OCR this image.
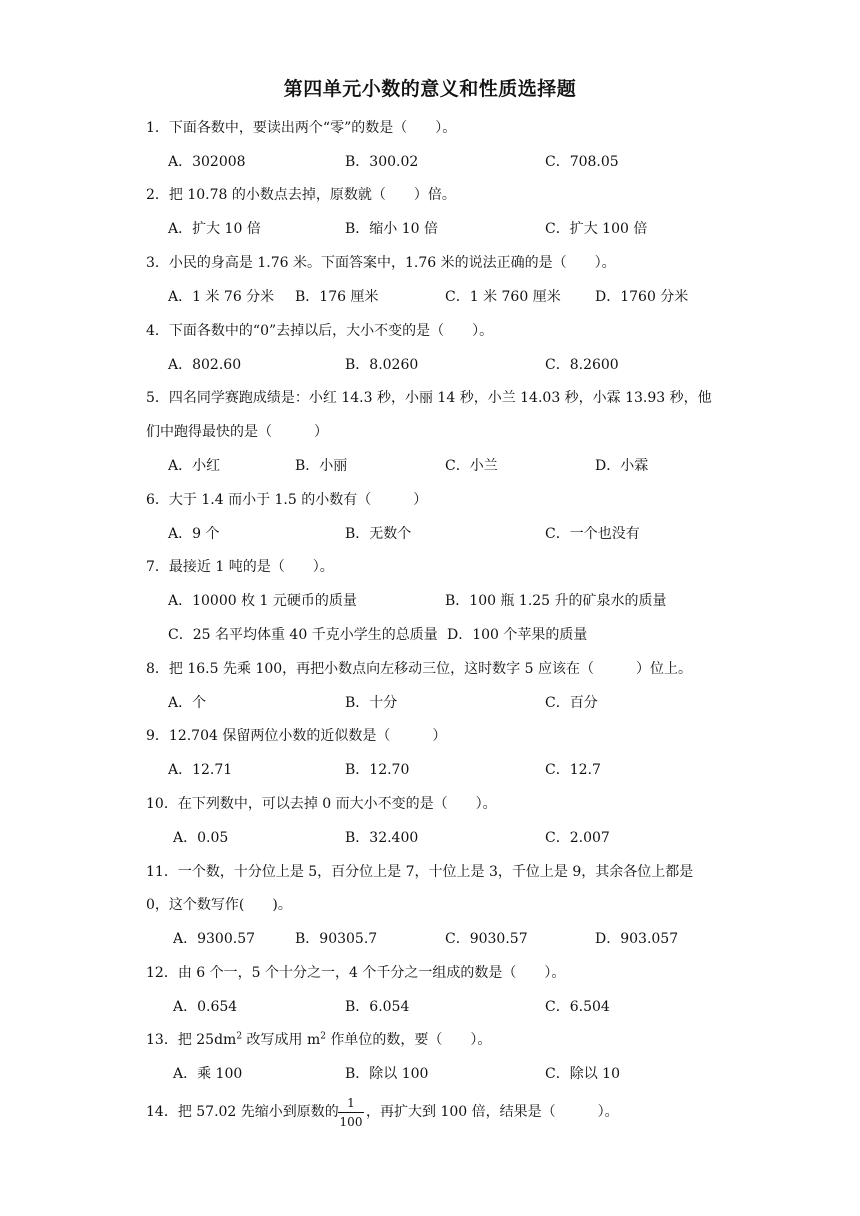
第四单元小数的意义和性质选择题
1．下面各数中，要读出两个“零”的数是（　　）。
A．302008	B．300.02	C．708.05
2．把 10.78 的小数点去掉，原数就（　　）倍。
A．扩大 10 倍	B．缩小 10 倍	C．扩大 100 倍
3．小民的身高是 1.76 米。下面答案中，1.76 米的说法正确的是（　　）。
A．1 米 76 分米 B．176 厘米	C．1 米 760 厘米 D．1760 分米
4．下面各数中的“0”去掉以后，大小不变的是（　　）。
A．802.60	B．8.0260	C．8.2600
5．四名同学赛跑成绩是：小红 14.3 秒，小丽 14 秒，小兰 14.03 秒，小霖 13.93 秒，他
们中跑得最快的是（　　　）
A．小红	B．小丽	C．小兰	D．小霖
6．大于 1.4 而小于 1.5 的小数有（　　　）
A．9 个	B．无数个	C．一个也没有
7．最接近 1 吨的是（　　）。
A．10000 枚 1 元硬币的质量	B．100 瓶 1.25 升的矿泉水的质量
C．25 名平均体重 40 千克小学生的总质量 D．100 个苹果的质量
8．把 16.5 先乘 100，再把小数点向左移动三位，这时数字 5 应该在（　　　）位上。
A．个	B．十分	C．百分
9．12.704 保留两位小数的近似数是（　　　）
A．12.71	B．12.70	C．12.7
10．在下列数中，可以去掉 0 而大小不变的是（　　）。
A．0.05	B．32.400	C．2.007
11．一个数，十分位上是 5，百分位上是 7，十位上是 3，千位上是 9，其余各位上都是
0，这个数写作(　　)。
A．9300.57	B．90305.7	C．9030.57	D．903.057
12．由 6 个一，5 个十分之一，4 个千分之一组成的数是（　　）。
A．0.654	B．6.054	C．6.504
13．把 $25dm^2$ 改写成用 $m^2$ 作单位的数，要（　　）。
A．乘 100	B．除以 100	C．除以 10
14．把 57.02 先缩小到原数的
1
100
，再扩大到 100 倍，结果是（　　　）。
